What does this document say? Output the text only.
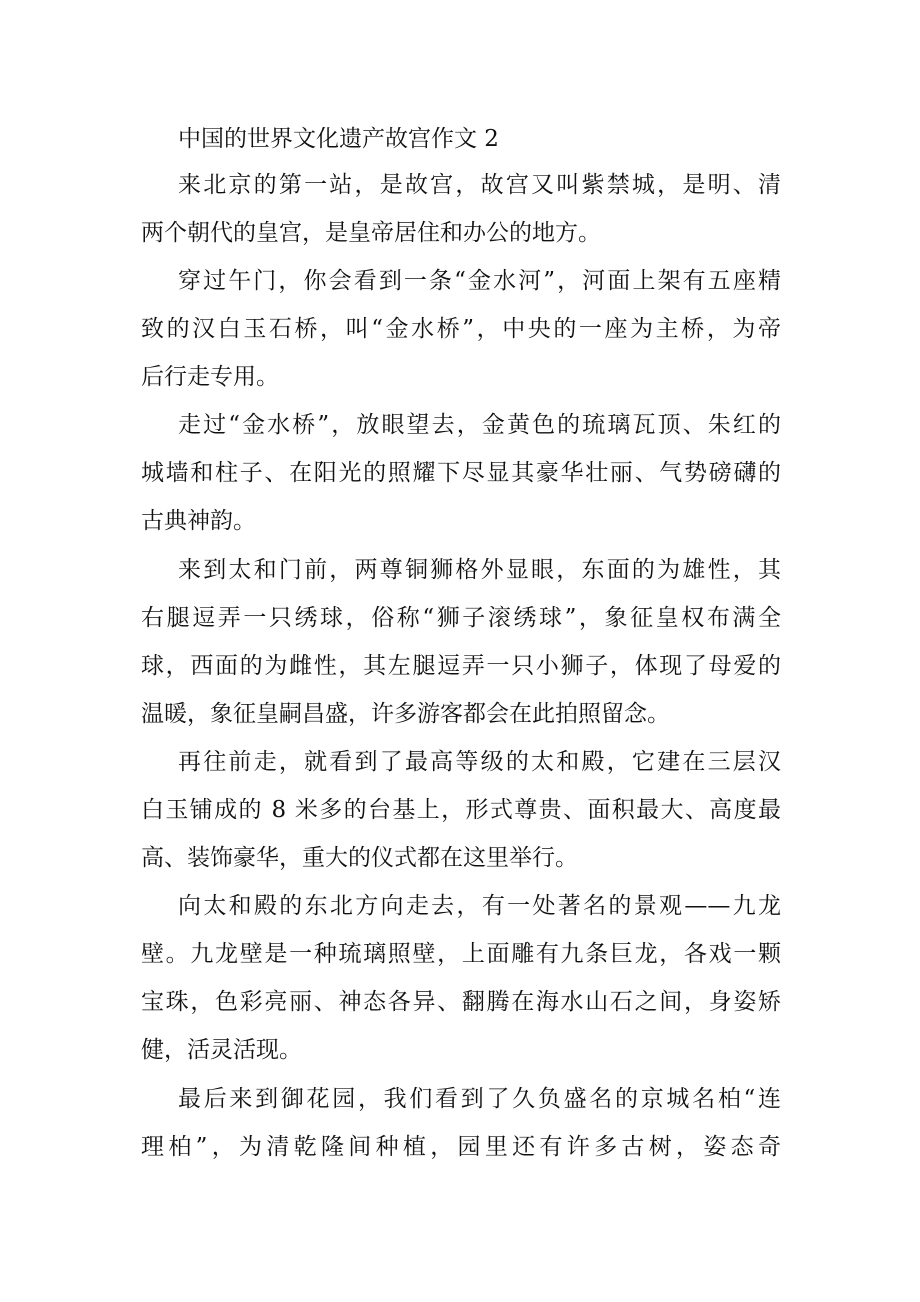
中国的世界文化遗产故宫作文 2
来北京的第一站，是故宫，故宫又叫紫禁城，是明、清
两个朝代的皇宫，是皇帝居住和办公的地方。
穿过午门，你会看到一条“金水河”，河面上架有五座精
致的汉白玉石桥，叫“金水桥”，中央的一座为主桥，为帝
后行走专用。
走过“金水桥”，放眼望去，金黄色的琉璃瓦顶、朱红的
城墙和柱子、在阳光的照耀下尽显其豪华壮丽、气势磅礴的
古典神韵。
来到太和门前，两尊铜狮格外显眼，东面的为雄性，其
右腿逗弄一只绣球，俗称“狮子滚绣球”，象征皇权布满全
球，西面的为雌性，其左腿逗弄一只小狮子，体现了母爱的
温暖，象征皇嗣昌盛，许多游客都会在此拍照留念。
再往前走，就看到了最高等级的太和殿，它建在三层汉
白玉铺成的 8 米多的台基上，形式尊贵、面积最大、高度最
高、装饰豪华，重大的仪式都在这里举行。
向太和殿的东北方向走去，有一处著名的景观——九龙
壁。九龙壁是一种琉璃照壁，上面雕有九条巨龙，各戏一颗
宝珠，色彩亮丽、神态各异、翻腾在海水山石之间，身姿矫
健，活灵活现。
最后来到御花园，我们看到了久负盛名的京城名柏“连
理柏”，为清乾隆间种植，园里还有许多古树，姿态奇
